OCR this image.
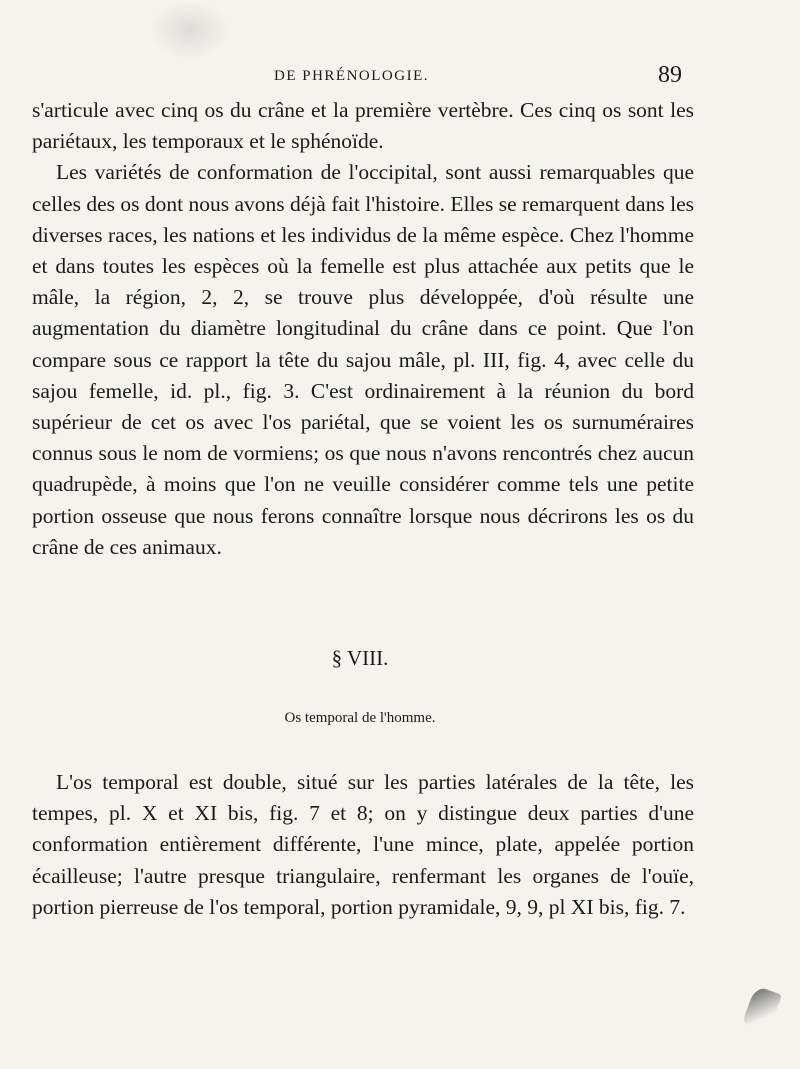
DE PHRÉNOLOGIE.	89

s'articule avec cinq os du crâne et la première vertèbre. Ces cinq os sont les pariétaux, les temporaux et le sphénoïde.

Les variétés de conformation de l'occipital, sont aussi remarquables que celles des os dont nous avons déjà fait l'histoire. Elles se remarquent dans les diverses races, les nations et les individus de la même espèce. Chez l'homme et dans toutes les espèces où la femelle est plus attachée aux petits que le mâle, la région, 2, 2, se trouve plus développée, d'où résulte une augmentation du diamètre longitudinal du crâne dans ce point. Que l'on compare sous ce rapport la tête du sajou mâle, pl. III, fig. 4, avec celle du sajou femelle, id. pl., fig. 3. C'est ordinairement à la réunion du bord supérieur de cet os avec l'os pariétal, que se voient les os surnuméraires connus sous le nom de vormiens; os que nous n'avons rencontrés chez aucun quadrupède, à moins que l'on ne veuille considérer comme tels une petite portion osseuse que nous ferons connaître lorsque nous décrirons les os du crâne de ces animaux.

§ VIII.
Os temporal de l'homme.

L'os temporal est double, situé sur les parties latérales de la tête, les tempes, pl. X et XI bis, fig. 7 et 8; on y distingue deux parties d'une conformation entièrement différente, l'une mince, plate, appelée portion écailleuse; l'autre presque triangulaire, renfermant les organes de l'ouïe, portion pierreuse de l'os temporal, portion pyramidale, 9, 9, pl XI bis, fig. 7.
